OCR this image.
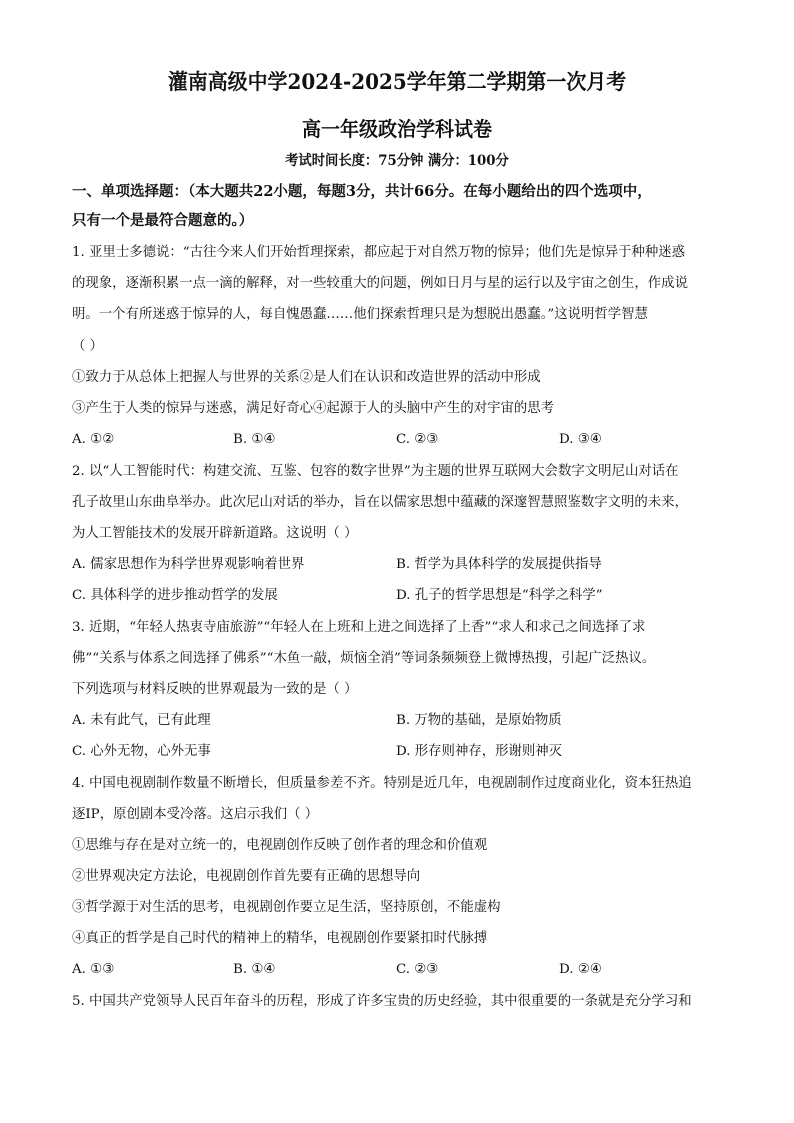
灌南高级中学2024-2025学年第二学期第一次月考
高一年级政治学科试卷
考试时间长度：75分钟 满分：100分
一、单项选择题：（本大题共22小题，每题3分，共计66分。在每小题给出的四个选项中，
只有一个是最符合题意的。）
1. 亚里士多德说：“古往今来人们开始哲理探索，都应起于对自然万物的惊异；他们先是惊异于种种迷惑
的现象，逐渐积累一点一滴的解释，对一些较重大的问题，例如日月与星的运行以及宇宙之创生，作成说
明。一个有所迷惑于惊异的人，每自愧愚蠢……他们探索哲理只是为想脱出愚蠢。”这说明哲学智慧
（ ）
①致力于从总体上把握人与世界的关系②是人们在认识和改造世界的活动中形成
③产生于人类的惊异与迷惑，满足好奇心④起源于人的头脑中产生的对宇宙的思考
A. ①②	B. ①④	C. ②③	D. ③④
2. 以“人工智能时代：构建交流、互鉴、包容的数字世界”为主题的世界互联网大会数字文明尼山对话在
孔子故里山东曲阜举办。此次尼山对话的举办，旨在以儒家思想中蕴藏的深邃智慧照鉴数字文明的未来，
为人工智能技术的发展开辟新道路。这说明（ ）
A. 儒家思想作为科学世界观影响着世界	B. 哲学为具体科学的发展提供指导
C. 具体科学的进步推动哲学的发展	D. 孔子的哲学思想是“科学之科学”
3. 近期，“年轻人热衷寺庙旅游”“年轻人在上班和上进之间选择了上香”“求人和求己之间选择了求
佛”“关系与体系之间选择了佛系”“木鱼一敲，烦恼全消”等词条频频登上微博热搜，引起广泛热议。
下列选项与材料反映的世界观最为一致的是（ ）
A. 未有此气，已有此理	B. 万物的基础，是原始物质
C. 心外无物，心外无事	D. 形存则神存，形谢则神灭
4. 中国电视剧制作数量不断增长，但质量参差不齐。特别是近几年，电视剧制作过度商业化，资本狂热追
逐IP，原创剧本受冷落。这启示我们（ ）
①思维与存在是对立统一的，电视剧创作反映了创作者的理念和价值观
②世界观决定方法论，电视剧创作首先要有正确的思想导向
③哲学源于对生活的思考，电视剧创作要立足生活，坚持原创，不能虚构
④真正的哲学是自己时代的精神上的精华，电视剧创作要紧扣时代脉搏
A. ①③	B. ①④	C. ②③	D. ②④
5. 中国共产党领导人民百年奋斗的历程，形成了许多宝贵的历史经验，其中很重要的一条就是充分学习和
